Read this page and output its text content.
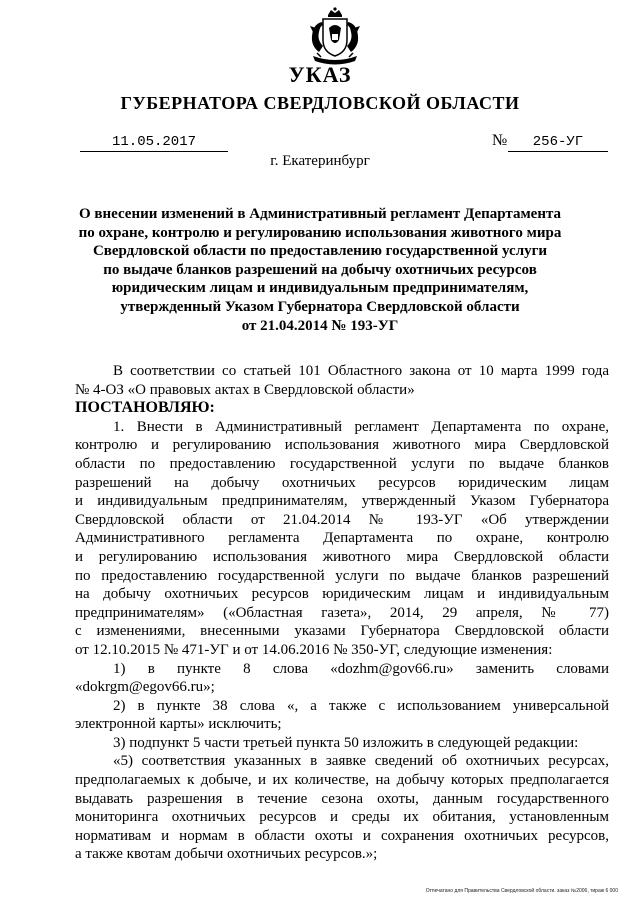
УКАЗ
ГУБЕРНАТОРА СВЕРДЛОВСКОЙ ОБЛАСТИ
11.05.2017	№	256-УГ
г. Екатеринбург
О внесении изменений в Административный регламент Департамента
по охране, контролю и регулированию использования животного мира
Свердловской области по предоставлению государственной услуги
по выдаче бланков разрешений на добычу охотничьих ресурсов
юридическим лицам и индивидуальным предпринимателям,
утвержденный Указом Губернатора Свердловской области
от 21.04.2014 № 193-УГ
В соответствии со статьей 101 Областного закона от 10 марта 1999 года
№ 4-ОЗ «О правовых актах в Свердловской области»
ПОСТАНОВЛЯЮ:
1. Внести в Административный регламент Департамента по охране,
контролю и регулированию использования животного мира Свердловской
области по предоставлению государственной услуги по выдаче бланков
разрешений на добычу охотничьих ресурсов юридическим лицам
и индивидуальным предпринимателям, утвержденный Указом Губернатора
Свердловской области от 21.04.2014 № 193-УГ «Об утверждении
Административного регламента Департамента по охране, контролю
и регулированию использования животного мира Свердловской области
по предоставлению государственной услуги по выдаче бланков разрешений
на добычу охотничьих ресурсов юридическим лицам и индивидуальным
предпринимателям» («Областная газета», 2014, 29 апреля, № 77)
с изменениями, внесенными указами Губернатора Свердловской области
от 12.10.2015 № 471-УГ и от 14.06.2016 № 350-УГ, следующие изменения:
1) в пункте 8 слова «dozhm@gov66.ru» заменить словами
«dokrgm@egov66.ru»;
2) в пункте 38 слова «, а также с использованием универсальной
электронной карты» исключить;
3) подпункт 5 части третьей пункта 50 изложить в следующей редакции:
«5) соответствия указанных в заявке сведений об охотничьих ресурсах,
предполагаемых к добыче, и их количестве, на добычу которых предполагается
выдавать разрешения в течение сезона охоты, данным государственного
мониторинга охотничьих ресурсов и среды их обитания, установленным
нормативам и нормам в области охоты и сохранения охотничьих ресурсов,
а также квотам добычи охотничьих ресурсов.»;
Отпечатано для Правительства Свердловской области. заказ №2006, тираж 6 000
